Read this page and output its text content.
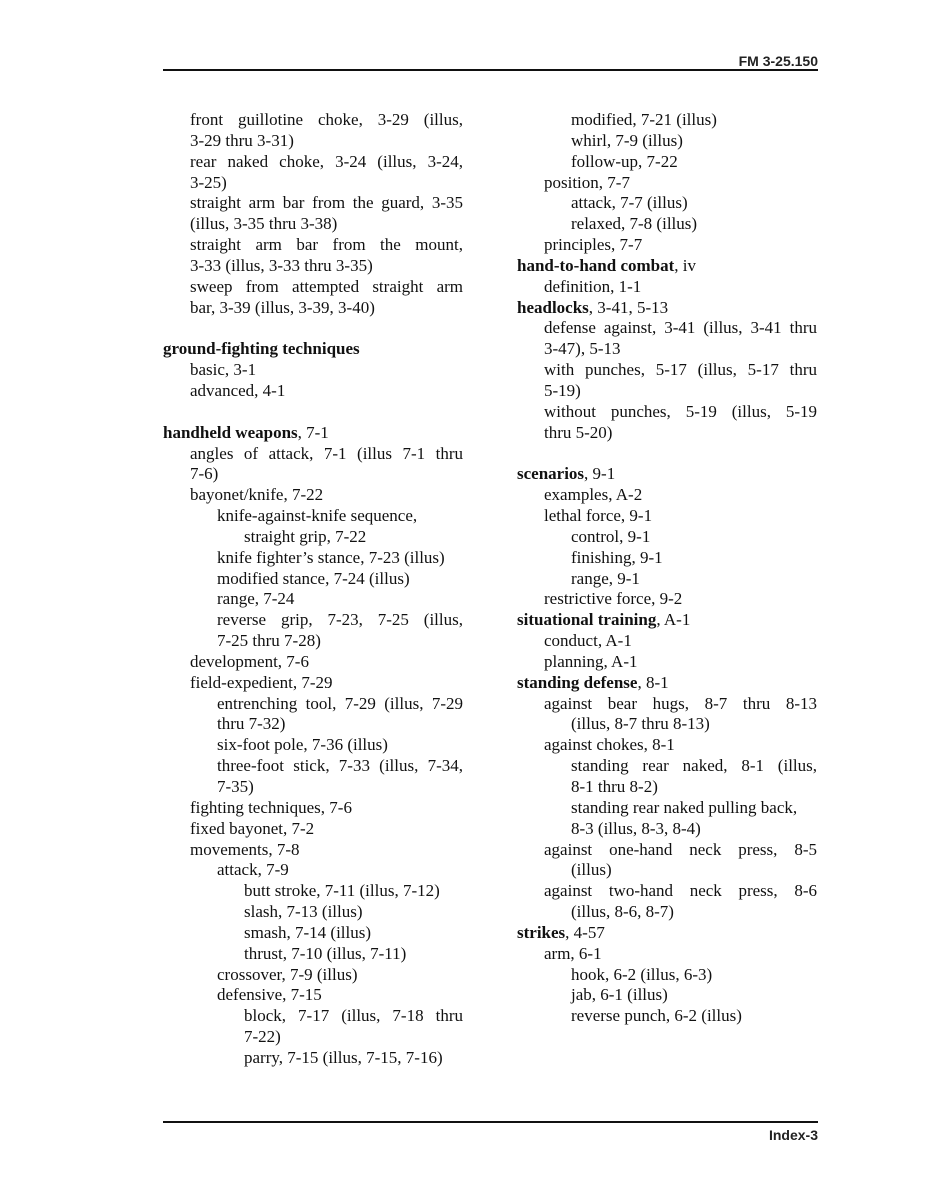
FM 3-25.150
front guillotine choke, 3-29 (illus,
3-29 thru 3-31)
rear naked choke, 3-24 (illus, 3-24,
3-25)
straight arm bar from the guard, 3-35
(illus, 3-35 thru 3-38)
straight arm bar from the mount,
3-33 (illus, 3-33 thru 3-35)
sweep from attempted straight arm
bar, 3-39 (illus, 3-39, 3-40)
ground-fighting techniques
basic, 3-1
advanced, 4-1
handheld weapons, 7-1
angles of attack, 7-1 (illus 7-1 thru
7-6)
bayonet/knife, 7-22
knife-against-knife sequence,
straight grip, 7-22
knife fighter’s stance, 7-23 (illus)
modified stance, 7-24 (illus)
range, 7-24
reverse grip, 7-23, 7-25 (illus,
7-25 thru 7-28)
development, 7-6
field-expedient, 7-29
entrenching tool, 7-29 (illus, 7-29
thru 7-32)
six-foot pole, 7-36 (illus)
three-foot stick, 7-33 (illus, 7-34,
7-35)
fighting techniques, 7-6
fixed bayonet, 7-2
movements, 7-8
attack, 7-9
butt stroke, 7-11 (illus, 7-12)
slash, 7-13 (illus)
smash, 7-14 (illus)
thrust, 7-10 (illus, 7-11)
crossover, 7-9 (illus)
defensive, 7-15
block, 7-17 (illus, 7-18 thru
7-22)
parry, 7-15 (illus, 7-15, 7-16)
modified, 7-21 (illus)
whirl, 7-9 (illus)
follow-up, 7-22
position, 7-7
attack, 7-7 (illus)
relaxed, 7-8 (illus)
principles, 7-7
hand-to-hand combat, iv
definition, 1-1
headlocks, 3-41, 5-13
defense against, 3-41 (illus, 3-41 thru
3-47), 5-13
with punches, 5-17 (illus, 5-17 thru
5-19)
without punches, 5-19 (illus, 5-19
thru 5-20)
scenarios, 9-1
examples, A-2
lethal force, 9-1
control, 9-1
finishing, 9-1
range, 9-1
restrictive force, 9-2
situational training, A-1
conduct, A-1
planning, A-1
standing defense, 8-1
against bear hugs, 8-7 thru 8-13
(illus, 8-7 thru 8-13)
against chokes, 8-1
standing rear naked, 8-1 (illus,
8-1 thru 8-2)
standing rear naked pulling back,
8-3 (illus, 8-3, 8-4)
against one-hand neck press, 8-5
(illus)
against two-hand neck press, 8-6
(illus, 8-6, 8-7)
strikes, 4-57
arm, 6-1
hook, 6-2 (illus, 6-3)
jab, 6-1 (illus)
reverse punch, 6-2 (illus)
Index-3
